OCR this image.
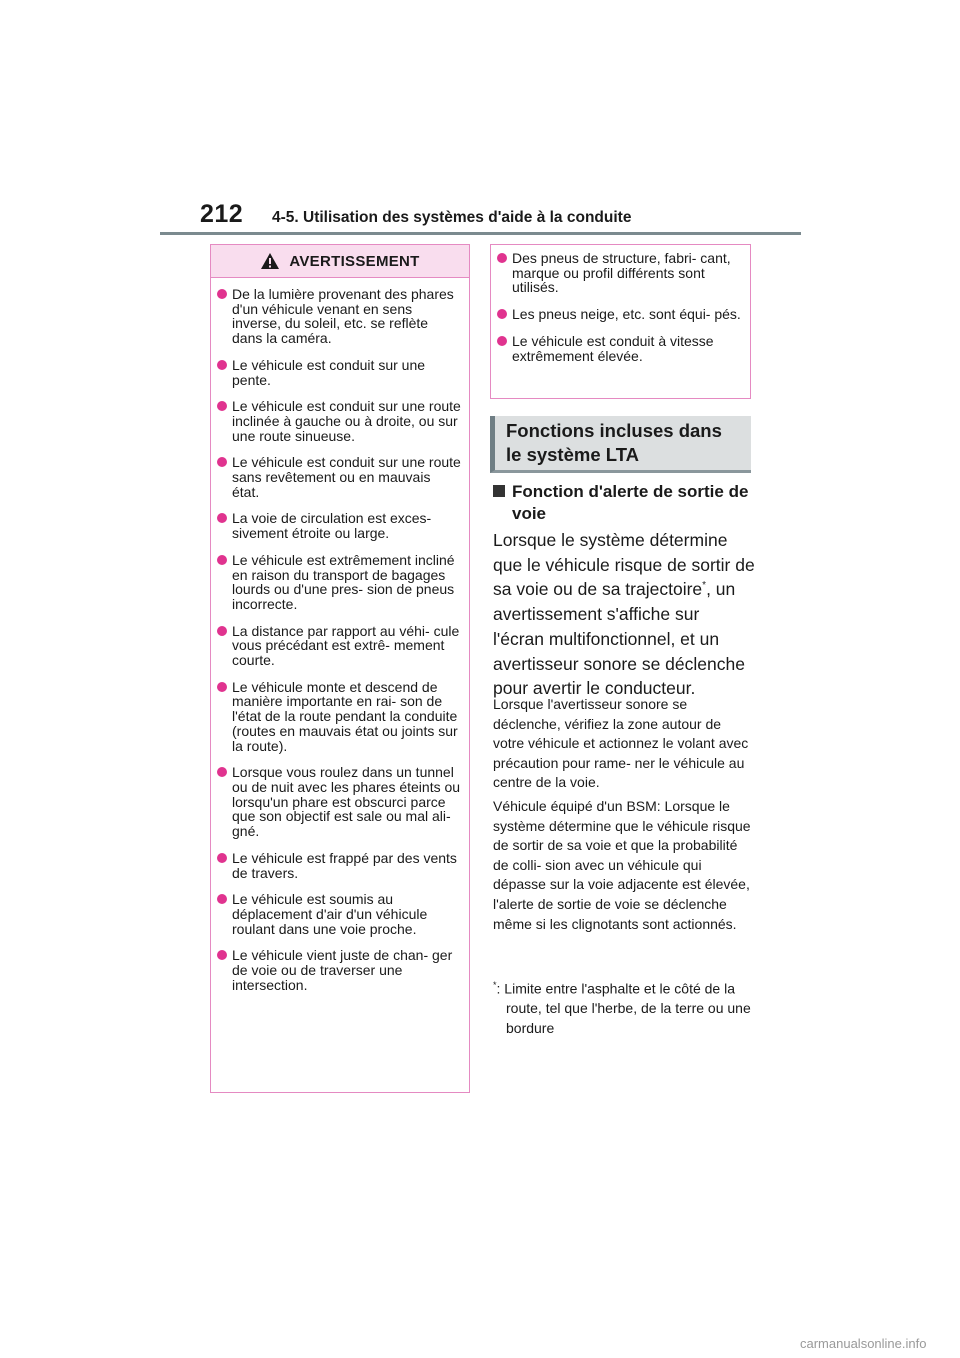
212 4-5. Utilisation des systèmes d'aide à la conduite
AVERTISSEMENT
De la lumière provenant des phares d'un véhicule venant en sens inverse, du soleil, etc. se reflète dans la caméra.
Le véhicule est conduit sur une pente.
Le véhicule est conduit sur une route inclinée à gauche ou à droite, ou sur une route sinueuse.
Le véhicule est conduit sur une route sans revêtement ou en mauvais état.
La voie de circulation est exces- sivement étroite ou large.
Le véhicule est extrêmement incliné en raison du transport de bagages lourds ou d'une pres- sion de pneus incorrecte.
La distance par rapport au véhi- cule vous précédant est extrê- mement courte.
Le véhicule monte et descend de manière importante en rai- son de l'état de la route pendant la conduite (routes en mauvais état ou joints sur la route).
Lorsque vous roulez dans un tunnel ou de nuit avec les phares éteints ou lorsqu'un phare est obscurci parce que son objectif est sale ou mal ali- gné.
Le véhicule est frappé par des vents de travers.
Le véhicule est soumis au déplacement d'air d'un véhicule roulant dans une voie proche.
Le véhicule vient juste de chan- ger de voie ou de traverser une intersection.
Des pneus de structure, fabri- cant, marque ou profil différents sont utilisés.
Les pneus neige, etc. sont équi- pés.
Le véhicule est conduit à vitesse extrêmement élevée.
Fonctions incluses dans
le système LTA
Fonction d'alerte de sortie de voie
Lorsque le système détermine que le véhicule risque de sortir de sa voie ou de sa trajectoire*, un avertissement s'affiche sur l'écran multifonctionnel, et un avertisseur sonore se déclenche pour avertir le conducteur.
Lorsque l'avertisseur sonore se déclenche, vérifiez la zone autour de votre véhicule et actionnez le volant avec précaution pour rame- ner le véhicule au centre de la voie.
Véhicule équipé d'un BSM: Lorsque le système détermine que le véhicule risque de sortir de sa voie et que la probabilité de colli- sion avec un véhicule qui dépasse sur la voie adjacente est élevée, l'alerte de sortie de voie se déclenche même si les clignotants sont actionnés.
*: Limite entre l'asphalte et le côté de la route, tel que l'herbe, de la terre ou une bordure
carmanualsonline.info
